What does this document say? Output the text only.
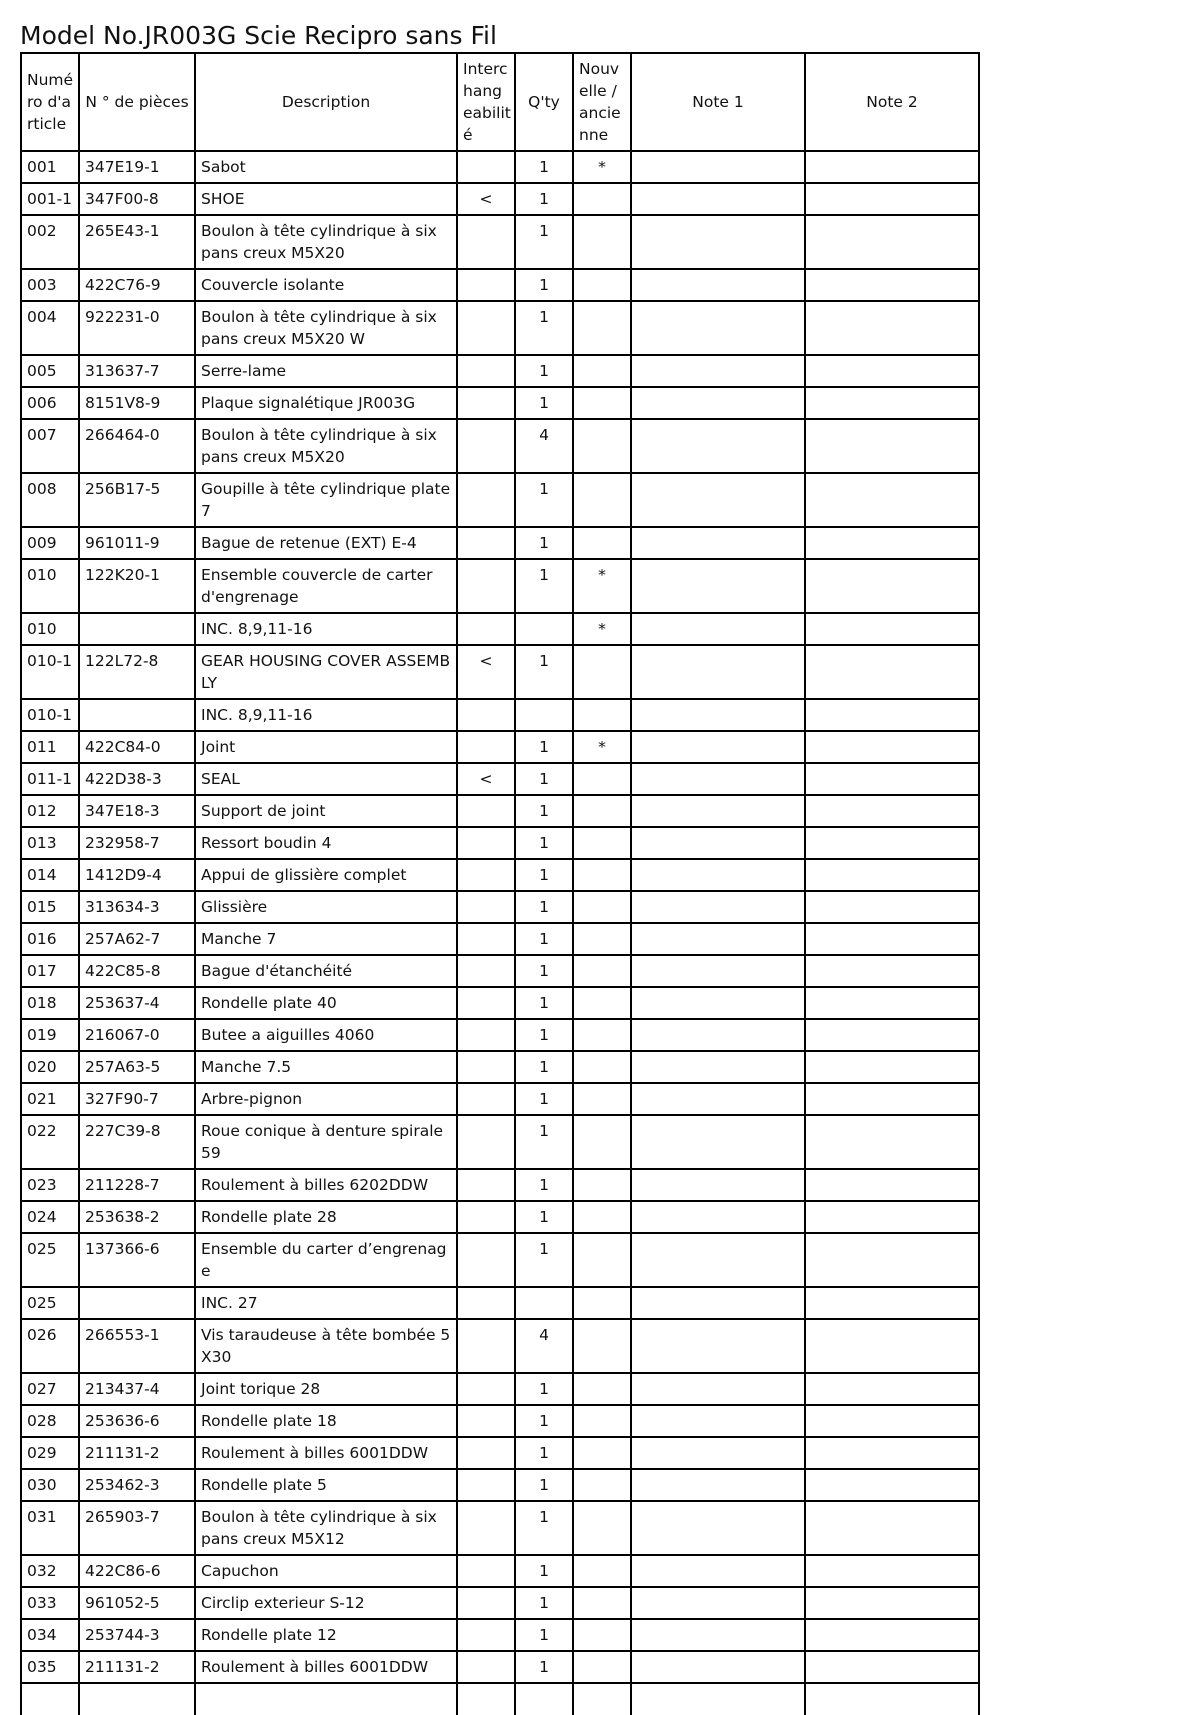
Model No.JR003G Scie Recipro sans Fil
Numé ro d'a rticle	N ° de pièces	Description	Interc hang eabilit é	Q'ty	Nouv elle / ancie nne	Note 1	Note 2
001	347E19-1	Sabot		1	*		
001-1	347F00-8	SHOE	<	1			
002	265E43-1	Boulon à tête cylindrique à six pans creux M5X20		1			
003	422C76-9	Couvercle isolante		1			
004	922231-0	Boulon à tête cylindrique à six pans creux M5X20 W		1			
005	313637-7	Serre-lame		1			
006	8151V8-9	Plaque signalétique JR003G		1			
007	266464-0	Boulon à tête cylindrique à six pans creux M5X20		4			
008	256B17-5	Goupille à tête cylindrique plate 7		1			
009	961011-9	Bague de retenue (EXT) E-4		1			
010	122K20-1	Ensemble couvercle de carter d'engrenage		1	*		
010		INC. 8,9,11-16			*		
010-1	122L72-8	GEAR HOUSING COVER ASSEMBLY	<	1			
010-1		INC. 8,9,11-16					
011	422C84-0	Joint		1	*		
011-1	422D38-3	SEAL	<	1			
012	347E18-3	Support de joint		1			
013	232958-7	Ressort boudin 4		1			
014	1412D9-4	Appui de glissière complet		1			
015	313634-3	Glissière		1			
016	257A62-7	Manche 7		1			
017	422C85-8	Bague d'étanchéité		1			
018	253637-4	Rondelle plate 40		1			
019	216067-0	Butee a aiguilles 4060		1			
020	257A63-5	Manche 7.5		1			
021	327F90-7	Arbre-pignon		1			
022	227C39-8	Roue conique à denture spirale 59		1			
023	211228-7	Roulement à billes 6202DDW		1			
024	253638-2	Rondelle plate 28		1			
025	137366-6	Ensemble du carter d’engrenage		1			
025		INC. 27					
026	266553-1	Vis taraudeuse à tête bombée 5X30		4			
027	213437-4	Joint torique 28		1			
028	253636-6	Rondelle plate 18		1			
029	211131-2	Roulement à billes 6001DDW		1			
030	253462-3	Rondelle plate 5		1			
031	265903-7	Boulon à tête cylindrique à six pans creux M5X12		1			
032	422C86-6	Capuchon		1			
033	961052-5	Circlip exterieur S-12		1			
034	253744-3	Rondelle plate 12		1			
035	211131-2	Roulement à billes 6001DDW		1			
